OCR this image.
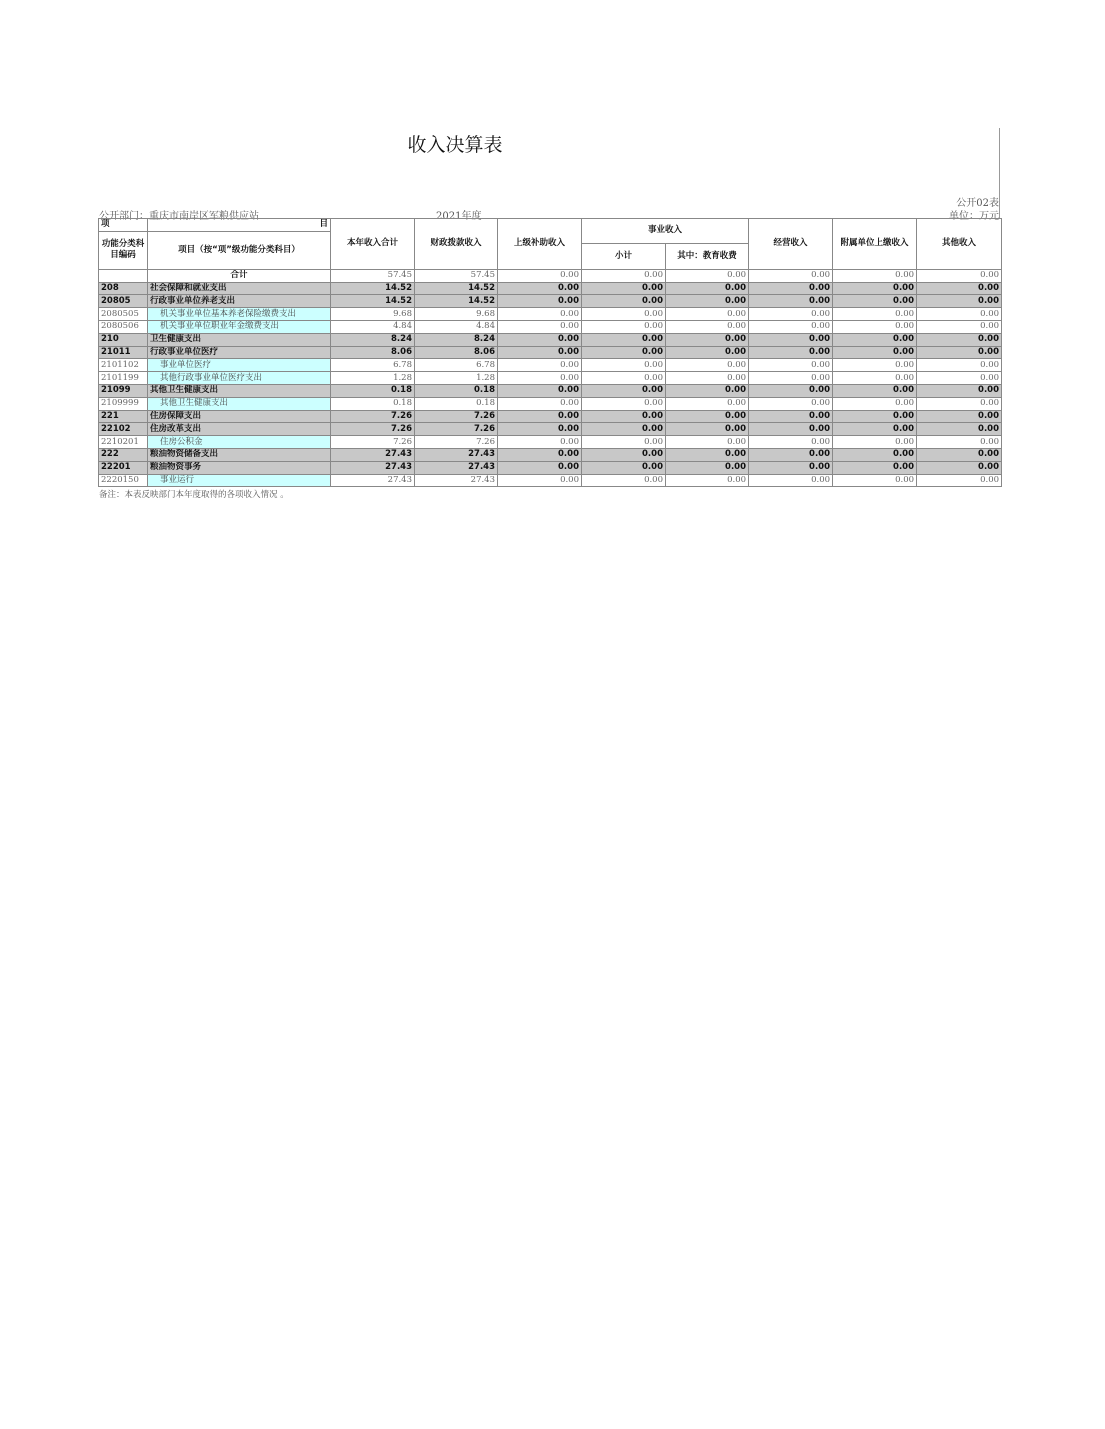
收入决算表
公开02表
单位：万元
公开部门：重庆市南岸区军粮供应站	2021年度
项	目	本年收入合计	财政拨款收入	上级补助收入	事业收入		经营收入	附属单位上缴收入	其他收入
功能分类科目编码	项目（按“项”级功能分类科目）								
					小计	其中：教育收费			

	合计	57.45	57.45	0.00	0.00	0.00	0.00	0.00	0.00
208	社会保障和就业支出	14.52	14.52	0.00	0.00	0.00	0.00	0.00	0.00
20805	行政事业单位养老支出	14.52	14.52	0.00	0.00	0.00	0.00	0.00	0.00
2080505	机关事业单位基本养老保险缴费支出	9.68	9.68	0.00	0.00	0.00	0.00	0.00	0.00
2080506	机关事业单位职业年金缴费支出	4.84	4.84	0.00	0.00	0.00	0.00	0.00	0.00
210	卫生健康支出	8.24	8.24	0.00	0.00	0.00	0.00	0.00	0.00
21011	行政事业单位医疗	8.06	8.06	0.00	0.00	0.00	0.00	0.00	0.00
2101102	事业单位医疗	6.78	6.78	0.00	0.00	0.00	0.00	0.00	0.00
2101199	其他行政事业单位医疗支出	1.28	1.28	0.00	0.00	0.00	0.00	0.00	0.00
21099	其他卫生健康支出	0.18	0.18	0.00	0.00	0.00	0.00	0.00	0.00
2109999	其他卫生健康支出	0.18	0.18	0.00	0.00	0.00	0.00	0.00	0.00
221	住房保障支出	7.26	7.26	0.00	0.00	0.00	0.00	0.00	0.00
22102	住房改革支出	7.26	7.26	0.00	0.00	0.00	0.00	0.00	0.00
2210201	住房公积金	7.26	7.26	0.00	0.00	0.00	0.00	0.00	0.00
222	粮油物资储备支出	27.43	27.43	0.00	0.00	0.00	0.00	0.00	0.00
22201	粮油物资事务	27.43	27.43	0.00	0.00	0.00	0.00	0.00	0.00
2220150	事业运行	27.43	27.43	0.00	0.00	0.00	0.00	0.00	0.00
备注：本表反映部门本年度取得的各项收入情况 。
